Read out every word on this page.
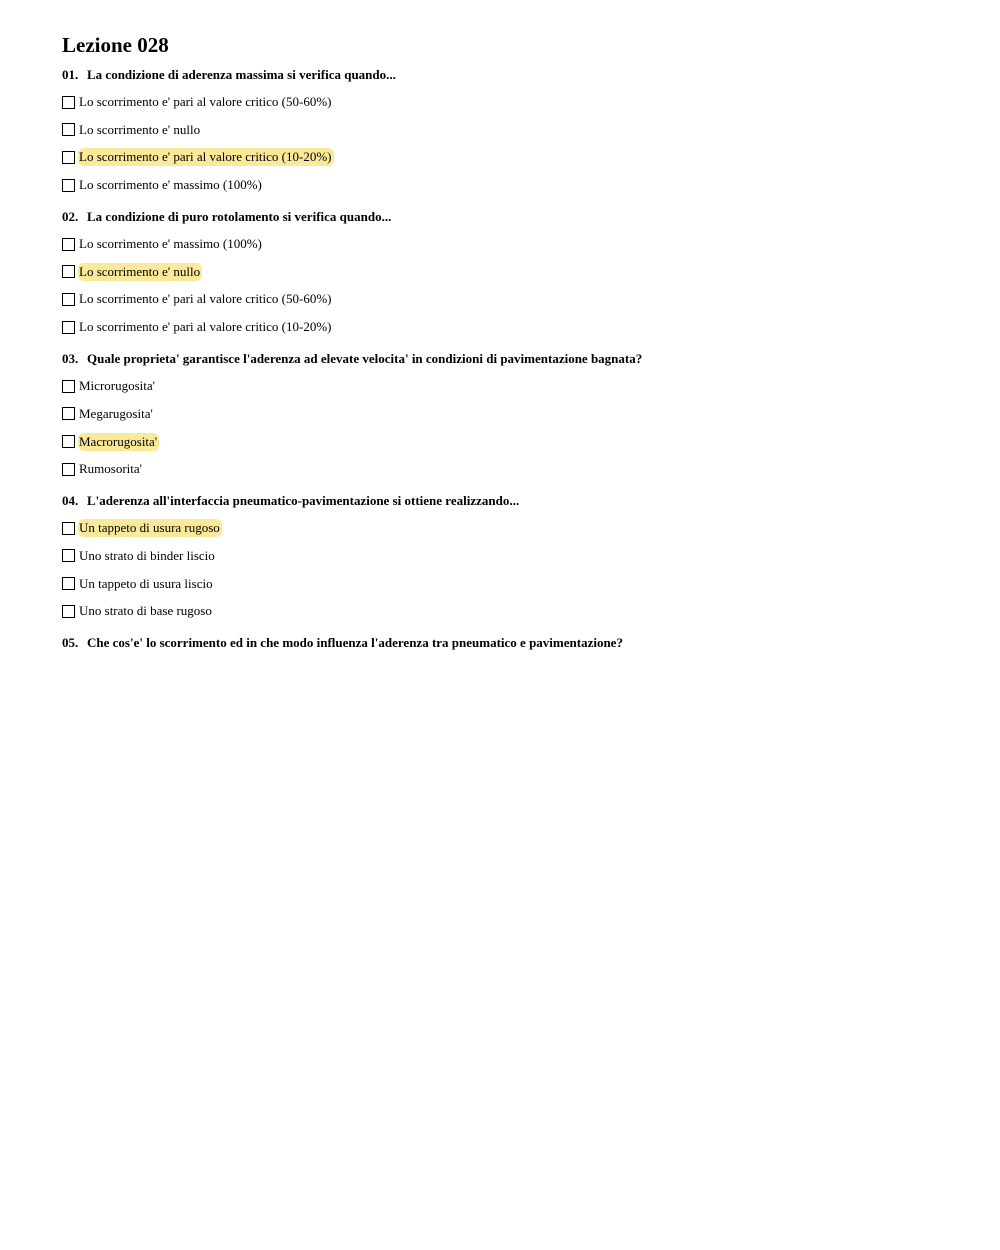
Lezione 028
01. La condizione di aderenza massima si verifica quando...
Lo scorrimento e' pari al valore critico (50-60%)
Lo scorrimento e' nullo
Lo scorrimento e' pari al valore critico (10-20%)
Lo scorrimento e' massimo (100%)
02. La condizione di puro rotolamento si verifica quando...
Lo scorrimento e' massimo (100%)
Lo scorrimento e' nullo
Lo scorrimento e' pari al valore critico (50-60%)
Lo scorrimento e' pari al valore critico (10-20%)
03. Quale proprieta' garantisce l'aderenza ad elevate velocita' in condizioni di pavimentazione bagnata?
Microrugosita'
Megarugosita'
Macrorugosita'
Rumosorita'
04. L'aderenza all'interfaccia pneumatico-pavimentazione si ottiene realizzando...
Un tappeto di usura rugoso
Uno strato di binder liscio
Un tappeto di usura liscio
Uno strato di base rugoso
05. Che cos'e' lo scorrimento ed in che modo influenza l'aderenza tra pneumatico e pavimentazione?
